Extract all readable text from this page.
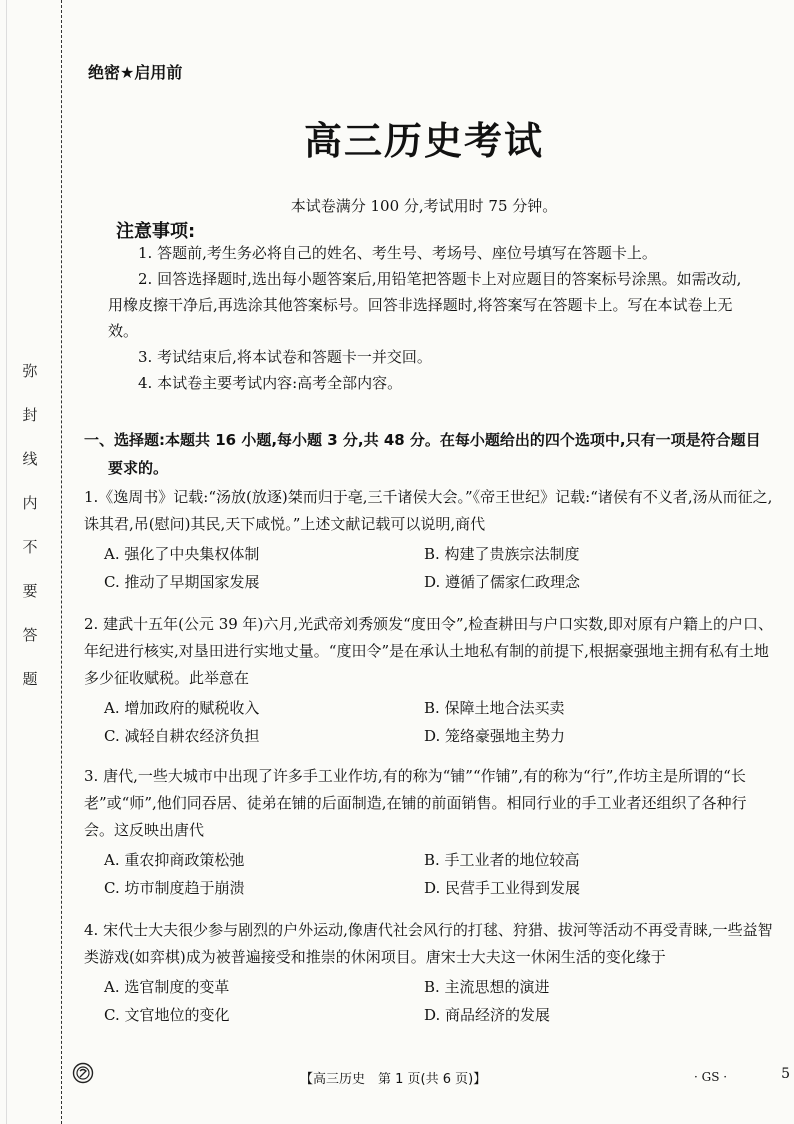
弥
封
线
内
不
要
答
题
绝密★启用前
高三历史考试
本试卷满分 100 分,考试用时 75 分钟。
注意事项:

1. 答题前,考生务必将自己的姓名、考生号、考场号、座位号填写在答题卡上。

2. 回答选择题时,选出每小题答案后,用铅笔把答题卡上对应题目的答案标号涂黑。如需改动,用橡皮擦干净后,再选涂其他答案标号。回答非选择题时,将答案写在答题卡上。写在本试卷上无效。

3. 考试结束后,将本试卷和答题卡一并交回。

4. 本试卷主要考试内容:高考全部内容。

一、选择题:本题共 16 小题,每小题 3 分,共 48 分。在每小题给出的四个选项中,只有一项是符合题目要求的。

1.《逸周书》记载:“汤放(放逐)桀而归于亳,三千诸侯大会。”《帝王世纪》记载:“诸侯有不义者,汤从而征之,诛其君,吊(慰问)其民,天下咸悦。”上述文献记载可以说明,商代

A. 强化了中央集权体制	B. 构建了贵族宗法制度
C. 推动了早期国家发展	D. 遵循了儒家仁政理念

2. 建武十五年(公元 39 年)六月,光武帝刘秀颁发“度田令”,检查耕田与户口实数,即对原有户籍上的户口、年纪进行核实,对垦田进行实地丈量。“度田令”是在承认土地私有制的前提下,根据豪强地主拥有私有土地多少征收赋税。此举意在

A. 增加政府的赋税收入	B. 保障土地合法买卖
C. 减轻自耕农经济负担	D. 笼络豪强地主势力

3. 唐代,一些大城市中出现了许多手工业作坊,有的称为“铺”“作铺”,有的称为“行”,作坊主是所谓的“长老”或“师”,他们同吞居、徒弟在铺的后面制造,在铺的前面销售。相同行业的手工业者还组织了各种行会。这反映出唐代

A. 重农抑商政策松弛	B. 手工业者的地位较高
C. 坊市制度趋于崩溃	D. 民营手工业得到发展

4. 宋代士大夫很少参与剧烈的户外运动,像唐代社会风行的打毬、狩猎、拔河等活动不再受青睐,一些益智类游戏(如弈棋)成为被普遍接受和推崇的休闲项目。唐宋士大夫这一休闲生活的变化缘于

A. 选官制度的变革	B. 主流思想的演进
C. 文官地位的变化	D. 商品经济的发展
【高三历史　第 1 页(共 6 页)】	· GS ·	5
